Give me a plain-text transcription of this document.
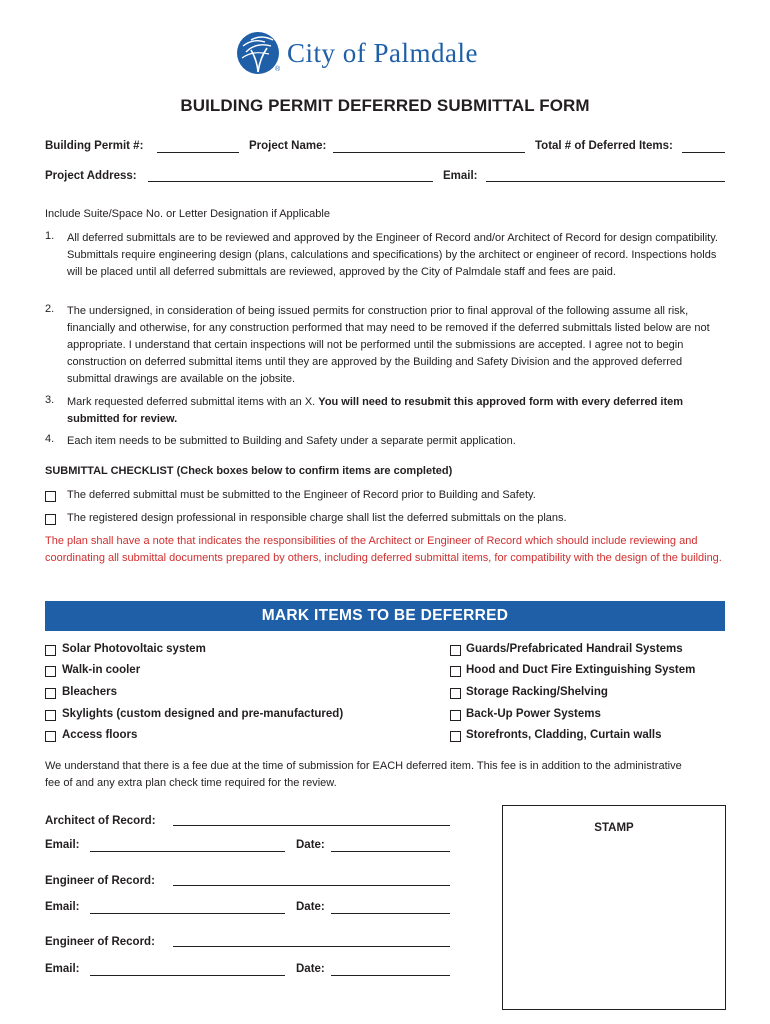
®
City of Palmdale
BUILDING PERMIT DEFERRED SUBMITTAL FORM
Building Permit #:	Project Name:	Total # of Deferred Items:
Project Address:	Email:
Include Suite/Space No. or Letter Designation if Applicable
1. All deferred submittals are to be reviewed and approved by the Engineer of Record and/or Architect of Record for design compatibility. Submittals require engineering design (plans, calculations and specifications) by the architect or engineer of record. Inspections holds will be placed until all deferred submittals are reviewed, approved by the City of Palmdale staff and fees are paid.
2. The undersigned, in consideration of being issued permits for construction prior to final approval of the following assume all risk, financially and otherwise, for any construction performed that may need to be removed if the deferred submittals listed below are not appropriate. I understand that certain inspections will not be performed until the submissions are accepted. I agree not to begin construction on deferred submittal items until they are approved by the Building and Safety Division and the approved deferred submittal drawings are available on the jobsite.
3. Mark requested deferred submittal items with an X. You will need to resubmit this approved form with every deferred item submitted for review.
4. Each item needs to be submitted to Building and Safety under a separate permit application.
SUBMITTAL CHECKLIST (Check boxes below to confirm items are completed)
The deferred submittal must be submitted to the Engineer of Record prior to Building and Safety.
The registered design professional in responsible charge shall list the deferred submittals on the plans.
The plan shall have a note that indicates the responsibilities of the Architect or Engineer of Record which should include reviewing and coordinating all submittal documents prepared by others, including deferred submittal items, for compatibility with the design of the building.
MARK ITEMS TO BE DEFERRED
Solar Photovoltaic system
Walk-in cooler
Bleachers
Skylights (custom designed and pre-manufactured)
Access floors
Guards/Prefabricated Handrail Systems
Hood and Duct Fire Extinguishing System
Storage Racking/Shelving
Back-Up Power Systems
Storefronts, Cladding, Curtain walls
We understand that there is a fee due at the time of submission for EACH deferred item. This fee is in addition to the administrative fee of and any extra plan check time required for the review.
Architect of Record:
Email:	Date:
Engineer of Record:
Email:	Date:
Engineer of Record:
Email:	Date:
STAMP
